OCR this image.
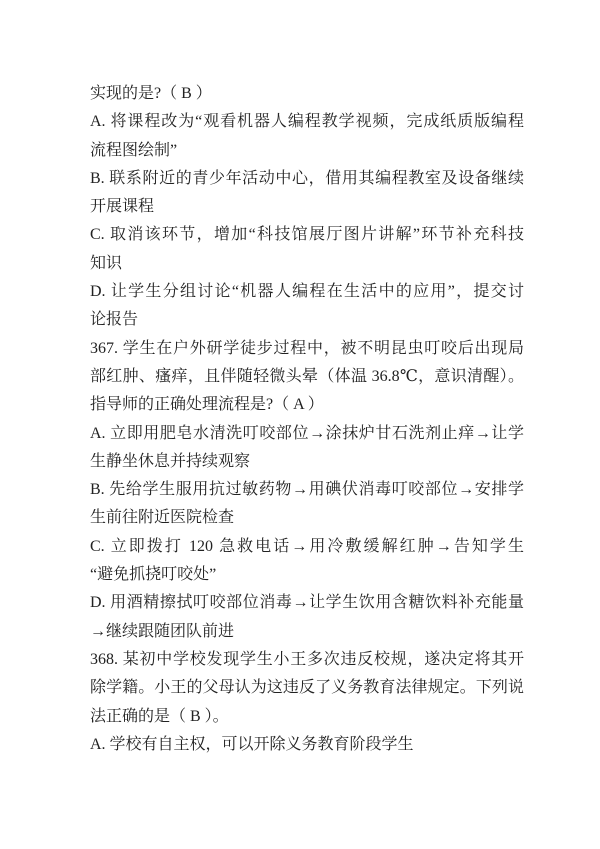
实现的是?（ B ）
A. 将课程改为“观看机器人编程教学视频，完成纸质版编程
流程图绘制”
B. 联系附近的青少年活动中心，借用其编程教室及设备继续
开展课程
C. 取消该环节，增加“科技馆展厅图片讲解”环节补充科技
知识
D. 让学生分组讨论“机器人编程在生活中的应用”，提交讨
论报告
367. 学生在户外研学徒步过程中，被不明昆虫叮咬后出现局
部红肿、瘙痒，且伴随轻微头晕（体温 36.8℃，意识清醒）。
指导师的正确处理流程是?（ A ）
A. 立即用肥皂水清洗叮咬部位→涂抹炉甘石洗剂止痒→让学
生静坐休息并持续观察
B. 先给学生服用抗过敏药物→用碘伏消毒叮咬部位→安排学
生前往附近医院检查
C. 立即拨打 120 急救电话→用冷敷缓解红肿→告知学生
“避免抓挠叮咬处”
D. 用酒精擦拭叮咬部位消毒→让学生饮用含糖饮料补充能量
→继续跟随团队前进
368. 某初中学校发现学生小王多次违反校规，遂决定将其开
除学籍。小王的父母认为这违反了义务教育法律规定。下列说
法正确的是（ B ）。
A. 学校有自主权，可以开除义务教育阶段学生
